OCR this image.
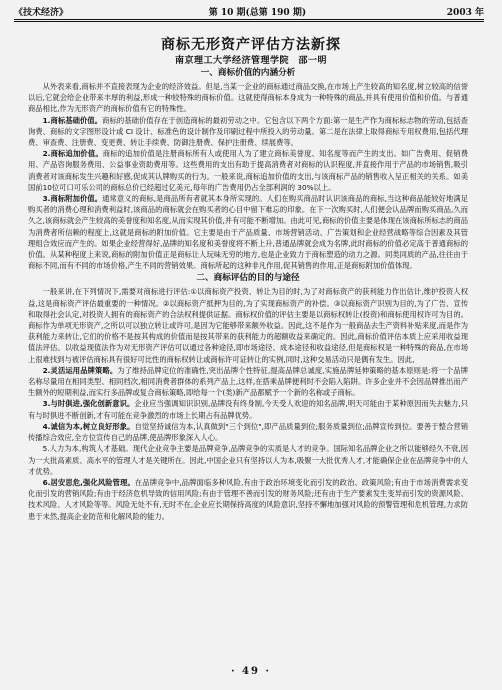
《技术经济》	第 10 期(总第 190 期)	2003 年
商标无形资产评估方法新探
南京理工大学经济管理学院　邵一明
一、商标价值的内涵分析

从外表来看,商标并不直接表现为企业的经济效益。但是,当某一企业的商标通过商品交换,在市场上产生较高的知名度,树立较高的信誉以后,它就会给企业带来丰厚的利益,形成一种较特殊的商标价值。这就使得商标本身成为一种特殊的商品,并具有使用价值和价值。与普通商品相比,作为无形资产的商标价值有它的特殊性。

1.商标基础价值。商标的基础价值存在于创造商标的最初劳动之中。它包含以下两个方面:第一是生产作为商标标志物的劳动,包括查询费、商标的文字图形设计或 CI 设计、标准色的设计制作及印刷过程中所投入的劳动量。第二是在法律上取得商标专用权费用,包括代理费、审查费、注册费、变更费、转让手续费、防御注册费、保护注册费、续展费等。

2.商标追加价值。商标的追加价值是注册商标所有人或使用人为了建立商标美誉度、知名度等而产生的支出。如广告费用、促销费用、产品咨询服务费用、公益事业资助费用等。这些费用的支出有助于提高消费者对商标的认识程度,并直接作用于产品的市场销售,吸引消费者对该商标发生兴趣和好感,促成其认牌购买的行为。一般来说,商标追加价值的支出,与该商标产品的销售收入呈正相关的关系。如美国前10位可口可乐公司的商标总价已经超过亿美元,每年的广告费用仍占全部利润的 30%以上。

3.商标附加价值。通常意义的商标,是商品所有者就其本身所实现的。人们在购买商品时认识该商品的商标,当这种商品能较好地满足购买者的消费心理和消费利益时,该商品的商标就会在购买者的心目中留下难忘的印象。在下一次购买时,人们便会认品牌而购买商品,久而久之,该商标就会产生较高的美誉度和知名度,从而实现其价值,并有可能不断增加。由此可见,商标的价值主要是体现在该商标所标志的商品为消费者所信赖的程度上,这就是商标的附加价值。它主要是由于产品质量、市场营销活动、广告策划和企业经营战略等综合因素及其管理组合效应而产生的。如果企业经营得好,品牌的知名度和美誉度将不断上升,普通品牌就会成为名牌,此时商标的价值必定高于普通商标的价值。从某种程度上来说,商标的附加价值正是商标让人玩味无穷的地方,也是企业致力于商标塑造的动力之源。同类同质的产品,往往由于商标不同,而有不同的市场价格,产生不同的营销效果。商标所起的这种非凡作用,促其销售的作用,正是商标附加价值体现。

二、商标评估的目的与途径

一般来讲,在下列情况下,需要对商标进行评估:①以商标资产投资、转让为目的时,为了对商标资产的获利能力作出估计,维护投资人权益,这是商标资产评估最重要的一种情况。②以商标资产抵押为目的,为了实现商标资产的补偿。③以商标资产识别为目的,为了广告、宣传和取得社会认定,对投资人拥有的商标资产的合法权利提供证据。商标权价值的评估主要是以商标权转让(投资)和商标使用权许可为目的。商标作为单项无形资产,之所以可以独立转让或许可,是因为它能够带来额外收益。因此,这不是作为一般商品去生产资料补贴来度,而是作为获利能力来转让,它们的价格不是按其构成的价值而是按其带来的获利能力的超额收益来确定的。因此,商标价值评估本质上应采用收益现值法评估。以收益现值法作为对无形资产评估可以通过各种途径,即市场途径、成本途径和收益途径,但是商标权是一种特殊的商品,在市场上很难找到与被评估商标具有很好可比性的商标权转让或商标许可证转让的实例,同时,这种交易活动只是偶有发生。因此,

2.灵活运用品牌策略。为了维持品牌定位的准确性,突出品牌个性特征,提高品牌总诚度,实施品牌延伸策略的基本原则是:将一个品牌名称尽量用在相同类型、相同档次,相同消费者群体的系列产品上,这样,在搭乘品牌便利时不会陷入陷阱。许多企业并不会因品牌推出而产生额外的短期利益,而实行多品牌或复合商标策略,即给每一个(类)新产品都赋予一个新的名称或子商标。

3.与时俱进,强化创新意识。企业应当强调知识识别,品牌没有终身制,今天受人欢迎的知名品牌,明天可能由于某种原因而失去魅力,只有与时俱进不断创新,才有可能在竞争激烈的市场上长期占有品牌优势。

4.诚信为本,树立良好形象。自觉坚持诚信为本,认真做到"三个到位",即产品质量到位;服务质量到位;品牌宣传到位。要善于整合营销传播综合效应,全方位宣传自己的品牌,使品牌形象深入人心。

5.人力为本,构筑人才基础。现代企业竞争主要是品牌竞争,品牌竞争的实质是人才的竞争。国际知名品牌企业之所以能够经久不衰,因为一大批高素质、高水平的管理人才是关键所在。因此,中国企业只有坚持以人为本,吸聚一大批优秀人才,才能确保企业在品牌竞争中的人才优势。

6.居安思危,强化风险管理。在品牌竞争中,品牌面临多种风险,有由于政治环境变化而引发的政治、政策风险;有由于市场消费需求变化而引发的营销风险;有由于经济危机导致的信用风险;有由于管理不善而引发的财务风险;还有由于生产要素发生变异而引发的资源风险、技术风险、人才风险等等。风险无处不有,无时不在,企业应长期保持高度的风险意识,坚持不懈地加强对风险的预警管理和危机管理,力求防患于未然,提高企业防范和化解风险的能力。

· 49 ·
